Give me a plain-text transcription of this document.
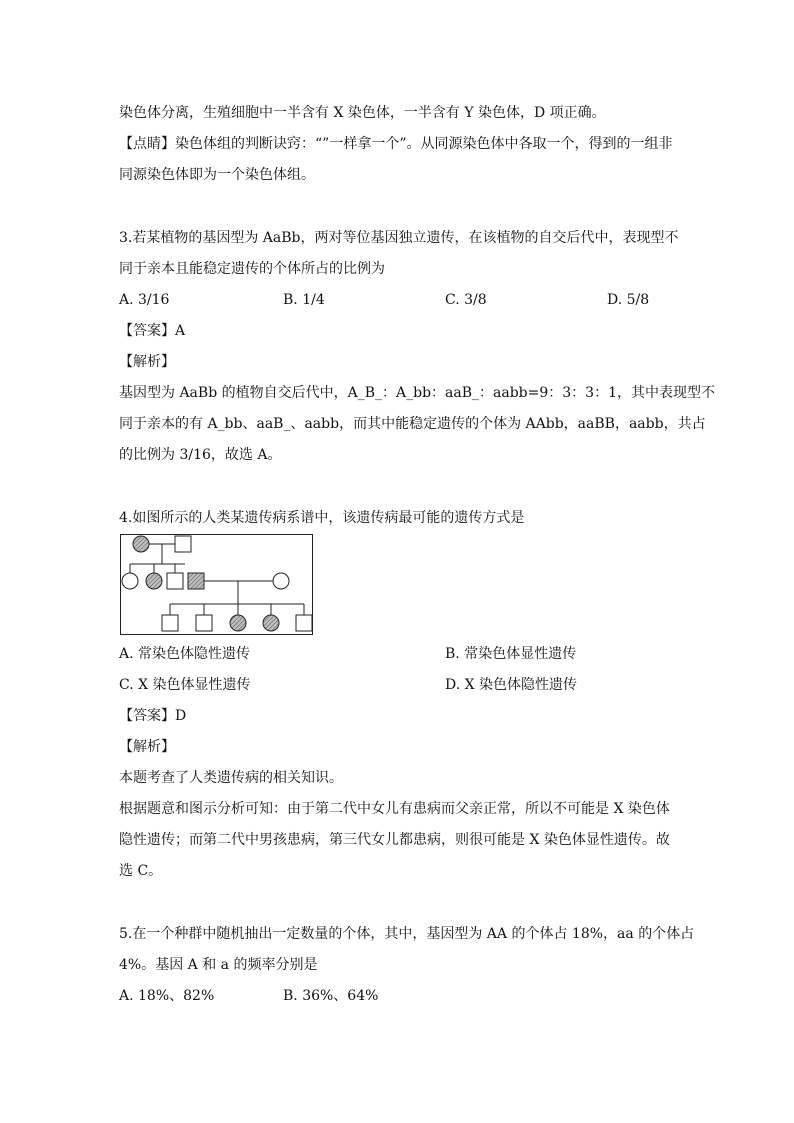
染色体分离，生殖细胞中一半含有 X 染色体，一半含有 Y 染色体，D 项正确。
【点睛】染色体组的判断诀窍：“”一样拿一个”。从同源染色体中各取一个，得到的一组非
同源染色体即为一个染色体组。
3.若某植物的基因型为 AaBb，两对等位基因独立遗传，在该植物的自交后代中，表现型不
同于亲本且能稳定遗传的个体所占的比例为
A. 3/16	B. 1/4	C. 3/8	D. 5/8
【答案】A
【解析】
基因型为 AaBb 的植物自交后代中，A_B_：A_bb：aaB_：aabb=9：3：3：1，其中表现型不
同于亲本的有 A_bb、aaB_、aabb，而其中能稳定遗传的个体为 AAbb，aaBB，aabb，共占
的比例为 3/16，故选 A。
4.如图所示的人类某遗传病系谱中，该遗传病最可能的遗传方式是
A. 常染色体隐性遗传	B. 常染色体显性遗传
C. X 染色体显性遗传	D. X 染色体隐性遗传
【答案】D
【解析】
本题考查了人类遗传病的相关知识。
根据题意和图示分析可知：由于第二代中女儿有患病而父亲正常，所以不可能是 X 染色体
隐性遗传；而第二代中男孩患病，第三代女儿都患病，则很可能是 X 染色体显性遗传。故
选 C。
5.在一个种群中随机抽出一定数量的个体，其中，基因型为 AA 的个体占 18%，aa 的个体占
4%。基因 A 和 a 的频率分别是
A. 18%、82%	B. 36%、64%
